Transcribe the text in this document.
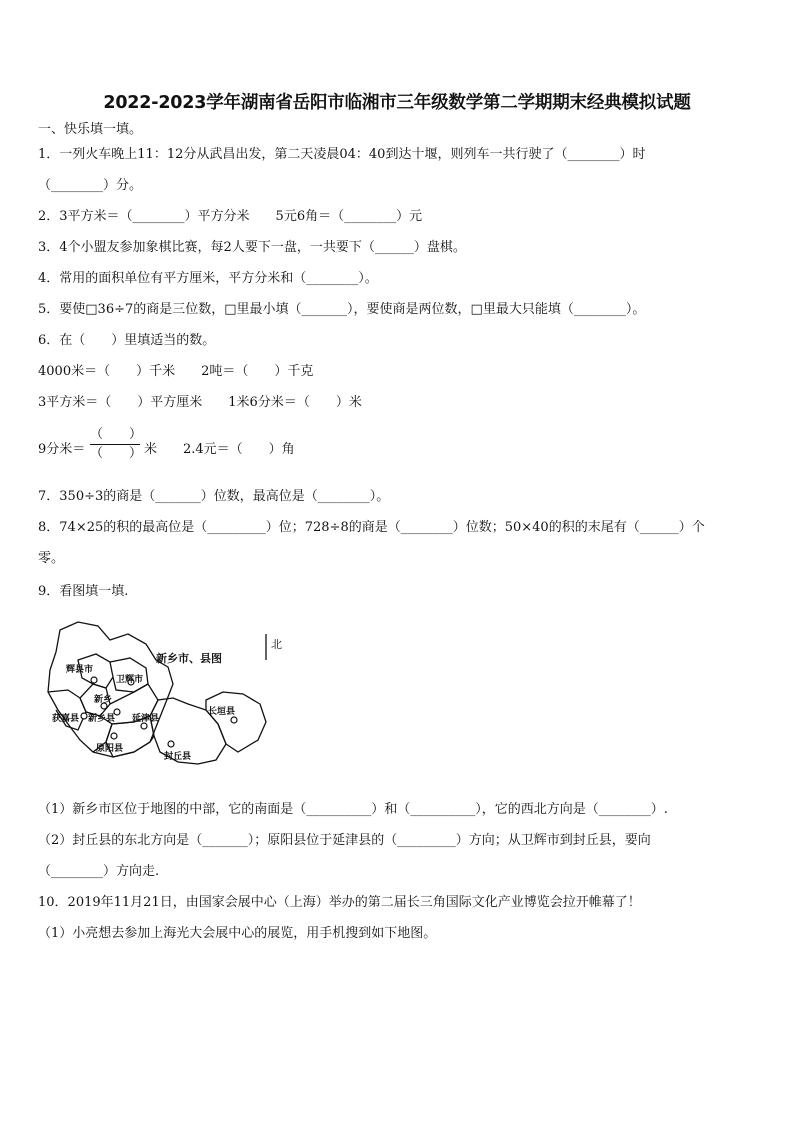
2022-2023学年湖南省岳阳市临湘市三年级数学第二学期期末经典模拟试题
一、快乐填一填。
1．一列火车晚上11：12分从武昌出发，第二天凌晨04：40到达十堰，则列车一共行驶了（________）时
（________）分。
2．3平方米＝（________）平方分米　　5元6角＝（________）元
3．4个小盟友参加象棋比赛，每2人要下一盘，一共要下（______）盘棋。
4．常用的面积单位有平方厘米，平方分米和（________）。
5．要使□36÷7的商是三位数，□里最小填（_______），要使商是两位数，□里最大只能填（________）。
6．在（　　）里填适当的数。
4000米＝（　　）千米　　2吨＝（　　）千克
3平方米＝（　　）平方厘米　　1米6分米＝（　　）米
9分米＝
（　　）
（　　） 米　　2.4元＝（　　）角
7．350÷3的商是（_______）位数，最高位是（________）。
8．74×25的积的最高位是（_________）位；728÷8的商是（________）位数；50×40的积的末尾有（______）个
零。
9．看图填一填.
辉县市
卫辉市
新乡
获嘉县 新乡县 延津县
长垣县
原阳县
封丘县
新乡市、县图
北
（1）新乡市区位于地图的中部，它的南面是（__________）和（__________），它的西北方向是（________）.
（2）封丘县的东北方向是（_______）；原阳县位于延津县的（_________）方向；从卫辉市到封丘县，要向
（________）方向走.
10．2019年11月21日，由国家会展中心（上海）举办的第二届长三角国际文化产业博览会拉开帷幕了！
（1）小亮想去参加上海光大会展中心的展览，用手机搜到如下地图。
